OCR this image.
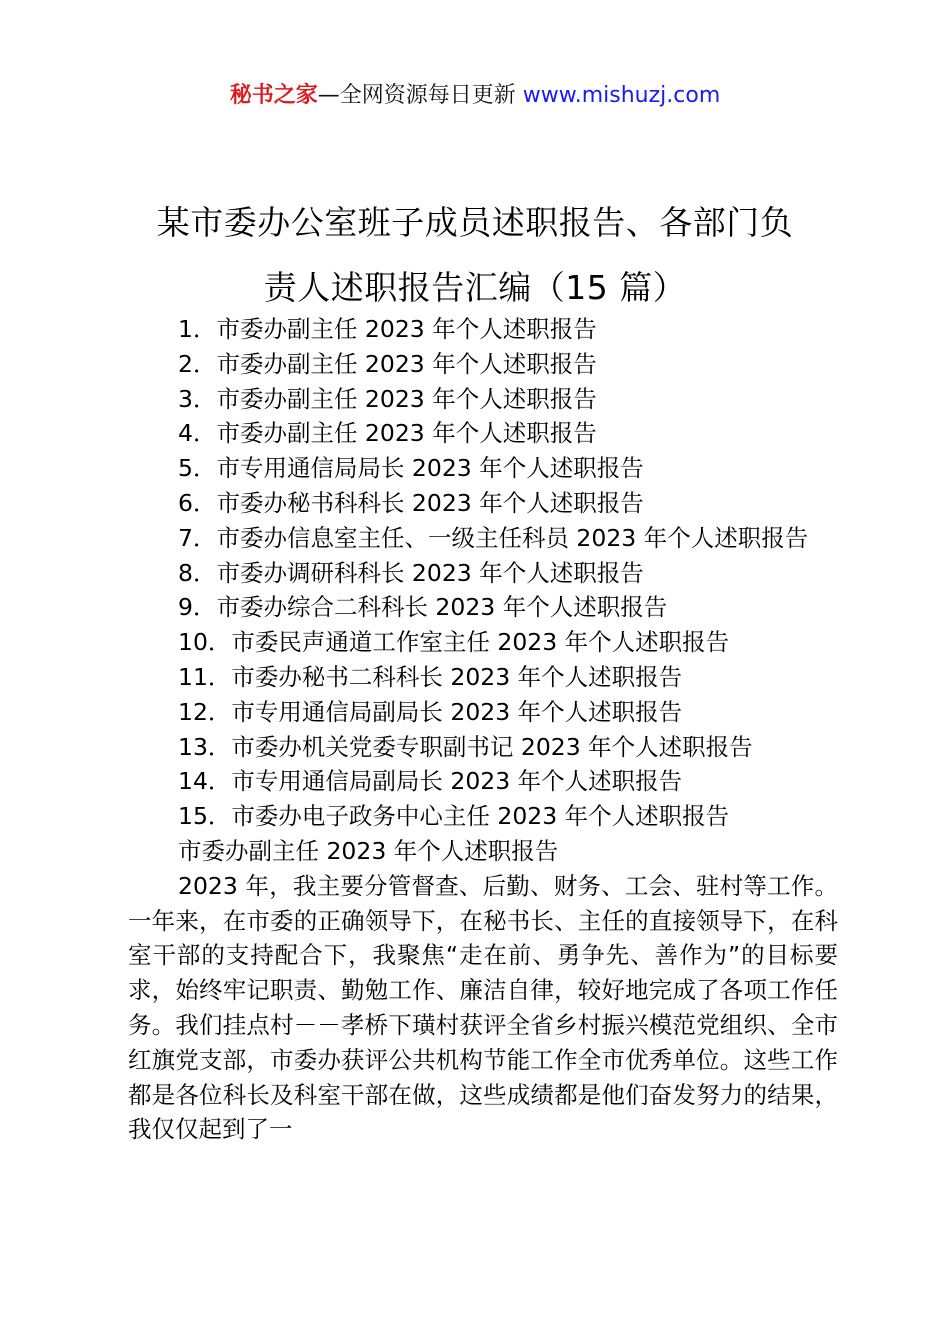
秘书之家—全网资源每日更新 www.mishuzj.com
某市委办公室班子成员述职报告、各部门负
责人述职报告汇编（15 篇）

1．市委办副主任 2023 年个人述职报告

2．市委办副主任 2023 年个人述职报告

3．市委办副主任 2023 年个人述职报告

4．市委办副主任 2023 年个人述职报告

5．市专用通信局局长 2023 年个人述职报告

6．市委办秘书科科长 2023 年个人述职报告

7．市委办信息室主任、一级主任科员 2023 年个人述职报告

8．市委办调研科科长 2023 年个人述职报告

9．市委办综合二科科长 2023 年个人述职报告

10．市委民声通道工作室主任 2023 年个人述职报告

11．市委办秘书二科科长 2023 年个人述职报告

12．市专用通信局副局长 2023 年个人述职报告

13．市委办机关党委专职副书记 2023 年个人述职报告

14．市专用通信局副局长 2023 年个人述职报告

15．市委办电子政务中心主任 2023 年个人述职报告

市委办副主任 2023 年个人述职报告

2023 年，我主要分管督查、后勤、财务、工会、驻村等工作。一年来，在市委的正确领导下，在秘书长、主任的直接领导下，在科室干部的支持配合下，我聚焦“走在前、勇争先、善作为”的目标要求，始终牢记职责、勤勉工作、廉洁自律，较好地完成了各项工作任务。我们挂点村－－孝桥下璜村获评全省乡村振兴模范党组织、全市红旗党支部，市委办获评公共机构节能工作全市优秀单位。这些工作都是各位科长及科室干部在做，这些成绩都是他们奋发努力的结果，我仅仅起到了一
